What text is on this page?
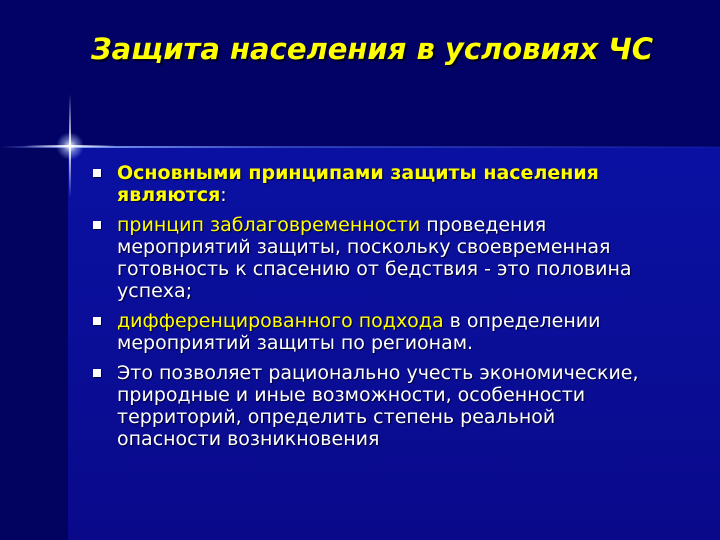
Защита населения в условиях ЧС
Основными принципами защиты населения являются:
принцип заблаговременности проведения мероприятий защиты, поскольку своевременная готовность к спасению от бедствия - это половина успеха;
дифференцированного подхода в определении мероприятий защиты по регионам.
Это позволяет рационально учесть экономические, природные и иные возможности, особенности территорий, определить степень реальной опасности возникновения
